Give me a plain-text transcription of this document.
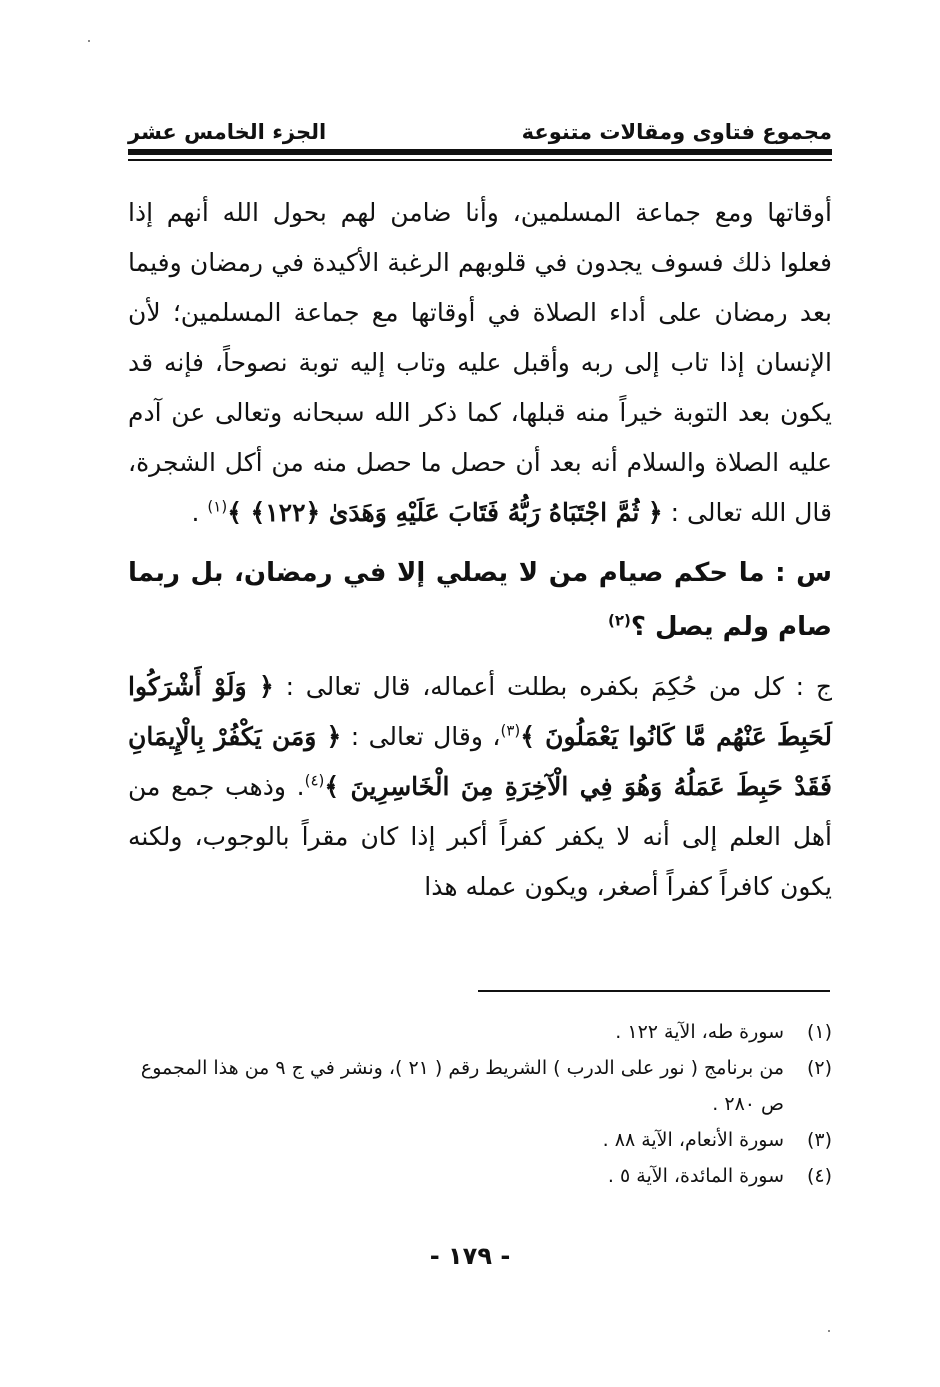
الجزء الخامس عشر	مجموع فتاوى ومقالات متنوعة

أوقاتها ومع جماعة المسلمين، وأنا ضامن لهم بحول الله أنهم إذا فعلوا ذلك فسوف يجدون في قلوبهم الرغبة الأكيدة في رمضان وفيما بعد رمضان على أداء الصلاة في أوقاتها مع جماعة المسلمين؛ لأن الإنسان إذا تاب إلى ربه وأقبل عليه وتاب إليه توبة نصوحاً، فإنه قد يكون بعد التوبة خيراً منه قبلها، كما ذكر الله سبحانه وتعالى عن آدم عليه الصلاة والسلام أنه بعد أن حصل ما حصل منه من أكل الشجرة، قال الله تعالى : ﴿ ثُمَّ اجْتَبَاهُ رَبُّهُ فَتَابَ عَلَيْهِ وَهَدَىٰ ﴿١٢٢﴾ ﴾$^{(١)}$ .

س : ما حكم صيام من لا يصلي إلا في رمضان، بل ربما صام ولم يصل ؟$^{(٢)}$

ج : كل من حُكِمَ بكفره بطلت أعماله، قال تعالى : ﴿ وَلَوْ أَشْرَكُوا لَحَبِطَ عَنْهُم مَّا كَانُوا يَعْمَلُونَ ﴾$^{(٣)}$، وقال تعالى : ﴿ وَمَن يَكْفُرْ بِالْإِيمَانِ فَقَدْ حَبِطَ عَمَلُهُ وَهُوَ فِي الْآخِرَةِ مِنَ الْخَاسِرِينَ ﴾$^{(٤)}$. وذهب جمع من أهل العلم إلى أنه لا يكفر كفراً أكبر إذا كان مقراً بالوجوب، ولكنه يكون كافراً كفراً أصغر، ويكون عمله هذا

(١)
سورة طه، الآية ١٢٢ .
(٢)
من برنامج ( نور على الدرب ) الشريط رقم ( ٢١ )، ونشر في ج ٩ من هذا المجموع ص ٢٨٠ .
(٣)
سورة الأنعام، الآية ٨٨ .
(٤)
سورة المائدة، الآية ٥ .
- ١٧٩ -
